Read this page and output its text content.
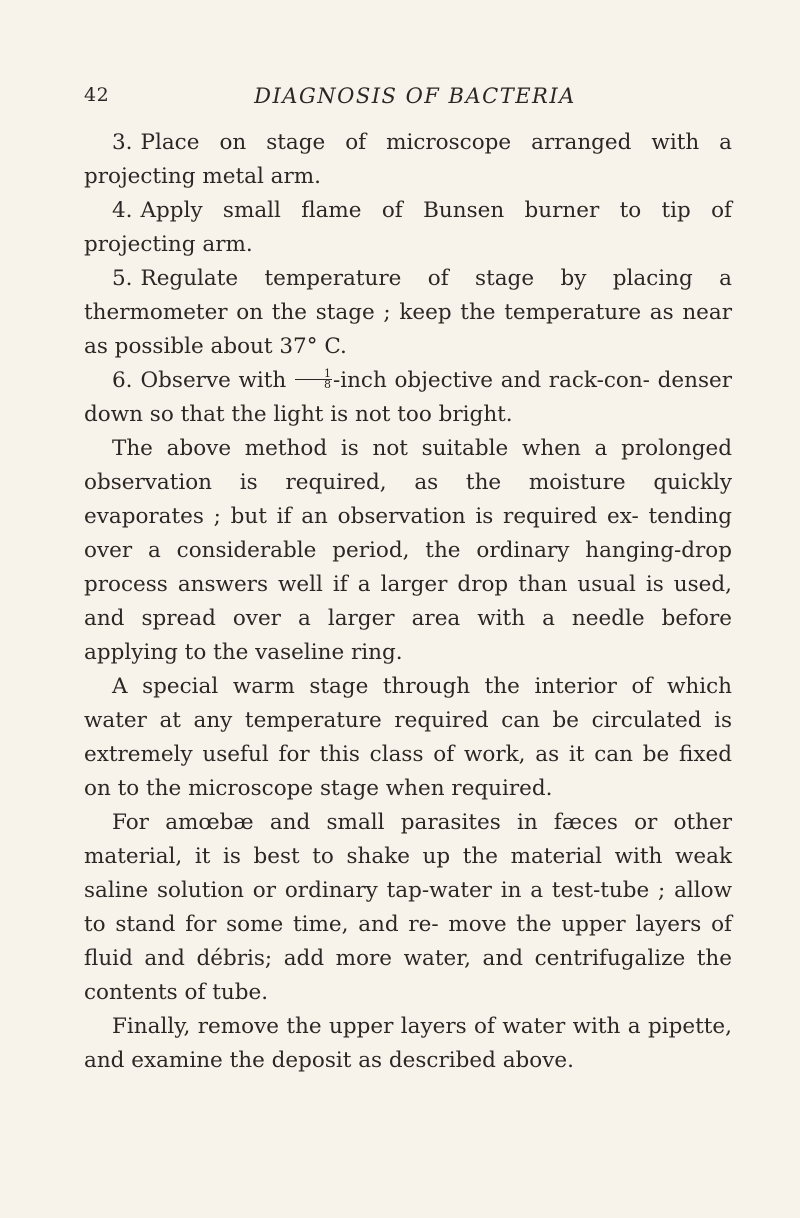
42	DIAGNOSIS OF BACTERIA

3. Place on stage of microscope arranged with a projecting metal arm.

4. Apply small flame of Bunsen burner to tip of projecting arm.

5. Regulate temperature of stage by placing a thermometer on the stage ; keep the temperature as near as possible about 37° C.

6. Observe with $\frac{1}{8}$ -inch objective and rack-con- denser down so that the light is not too bright.

The above method is not suitable when a prolonged observation is required, as the moisture quickly evaporates ; but if an observation is required ex- tending over a considerable period, the ordinary hanging-drop process answers well if a larger drop than usual is used, and spread over a larger area with a needle before applying to the vaseline ring.

A special warm stage through the interior of which water at any temperature required can be circulated is extremely useful for this class of work, as it can be fixed on to the microscope stage when required.

For amœbæ and small parasites in fæces or other material, it is best to shake up the material with weak saline solution or ordinary tap-water in a test-tube ; allow to stand for some time, and re- move the upper layers of fluid and débris; add more water, and centrifugalize the contents of tube.

Finally, remove the upper layers of water with a pipette, and examine the deposit as described above.
